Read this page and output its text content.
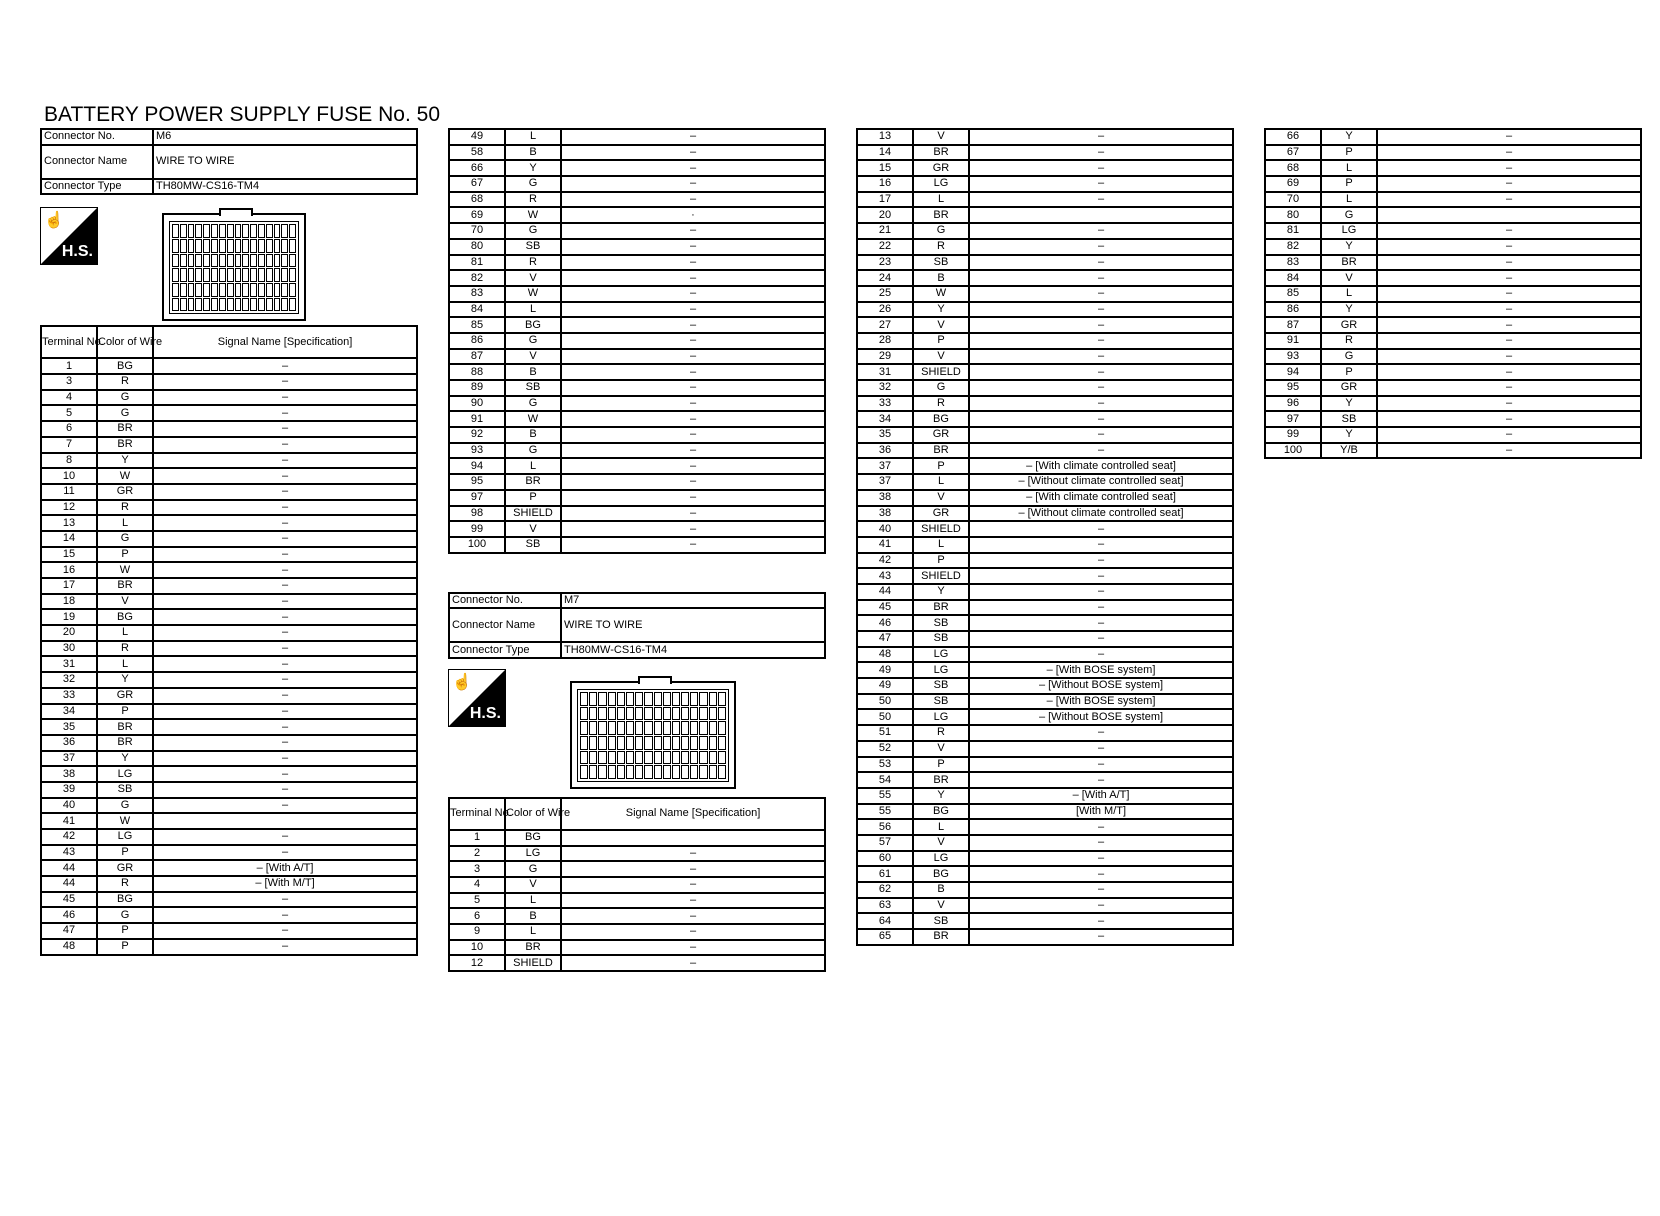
BATTERY POWER SUPPLY FUSE No. 50
Connector No.	M6
Connector Name	WIRE TO WIRE
Connector Type	TH80MW-CS16-TM4
☝
H.S.
Terminal No.	Color of Wire	Signal Name [Specification]
1	BG	–
3	R	–
4	G	–
5	G	–
6	BR	–
7	BR	–
8	Y	–
10	W	–
11	GR	–
12	R	–
13	L	–
14	G	–
15	P	–
16	W	–
17	BR	–
18	V	–
19	BG	–
20	L	–
30	R	–
31	L	–
32	Y	–
33	GR	–
34	P	–
35	BR	–
36	BR	–
37	Y	–
38	LG	–
39	SB	–
40	G	–
41	W	
42	LG	–
43	P	–
44	GR	– [With A/T]
44	R	– [With M/T]
45	BG	–
46	G	–
47	P	–
48	P	–
49	L	–
58	B	–
66	Y	–
67	G	–
68	R	–
69	W	·
70	G	–
80	SB	–
81	R	–
82	V	–
83	W	–
84	L	–
85	BG	–
86	G	–
87	V	–
88	B	–
89	SB	–
90	G	–
91	W	–
92	B	–
93	G	–
94	L	–
95	BR	–
97	P	–
98	SHIELD	–
99	V	–
100	SB	–
Connector No.	M7
Connector Name	WIRE TO WIRE
Connector Type	TH80MW-CS16-TM4
☝
H.S.
Terminal No.	Color of Wire	Signal Name [Specification]
1	BG	
2	LG	–
3	G	–
4	V	–
5	L	–
6	B	–
9	L	–
10	BR	–
12	SHIELD	–
13	V	–
14	BR	–
15	GR	–
16	LG	–
17	L	–
20	BR	
21	G	–
22	R	–
23	SB	–
24	B	–
25	W	–
26	Y	–
27	V	–
28	P	–
29	V	–
31	SHIELD	–
32	G	–
33	R	–
34	BG	–
35	GR	–
36	BR	–
37	P	– [With climate controlled seat]
37	L	– [Without climate controlled seat]
38	V	– [With climate controlled seat]
38	GR	– [Without climate controlled seat]
40	SHIELD	–
41	L	–
42	P	–
43	SHIELD	–
44	Y	–
45	BR	–
46	SB	–
47	SB	–
48	LG	–
49	LG	– [With BOSE system]
49	SB	– [Without BOSE system]
50	SB	– [With BOSE system]
50	LG	– [Without BOSE system]
51	R	–
52	V	–
53	P	–
54	BR	–
55	Y	– [With A/T]
55	BG	[With M/T]
56	L	–
57	V	–
60	LG	–
61	BG	–
62	B	–
63	V	–
64	SB	–
65	BR	–
66	Y	–
67	P	–
68	L	–
69	P	–
70	L	–
80	G	
81	LG	–
82	Y	–
83	BR	–
84	V	–
85	L	–
86	Y	–
87	GR	–
91	R	–
93	G	–
94	P	–
95	GR	–
96	Y	–
97	SB	–
99	Y	–
100	Y/B	–
